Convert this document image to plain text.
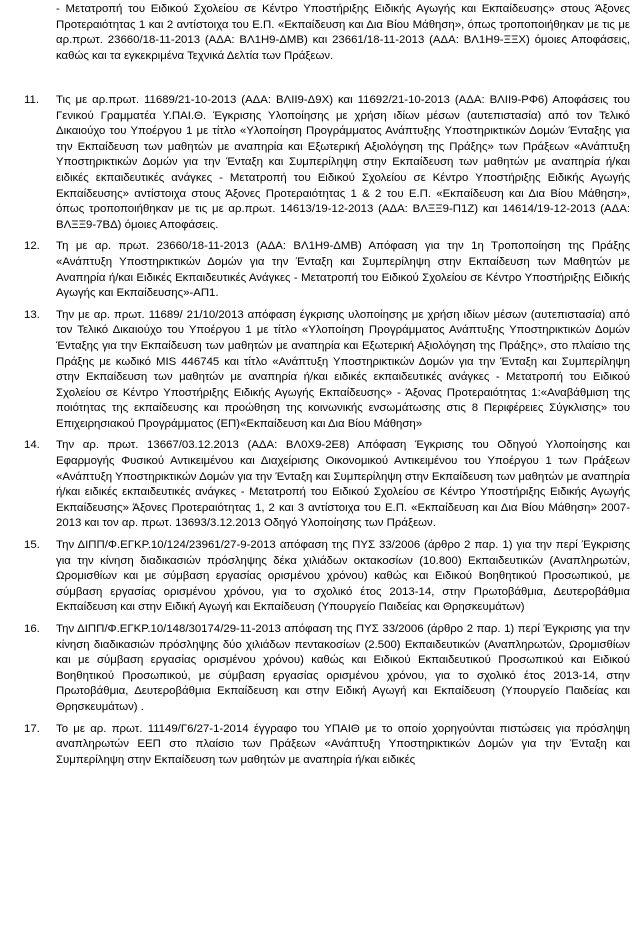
- Μετατροπή του Ειδικού Σχολείου σε Κέντρο Υποστήριξης Ειδικής Αγωγής και Εκπαίδευσης» στους Άξονες Προτεραιότητας 1 και 2 αντίστοιχα του Ε.Π. «Εκπαίδευση και Δια Βίου Μάθηση», όπως τροποποιήθηκαν με τις με αρ.πρωτ. 23660/18-11-2013 (ΑΔΑ: ΒΛ1Η9-ΔΜΒ) και 23661/18-11-2013 (ΑΔΑ: ΒΛ1Η9-ΞΞΧ) όμοιες Αποφάσεις, καθώς και τα εγκεκριμένα Τεχνικά Δελτία των Πράξεων.

11. Τις με αρ.πρωτ. 11689/21-10-2013 (ΑΔΑ: ΒΛΙΙ9-Δ9Χ) και 11692/21-10-2013 (ΑΔΑ: ΒΛΙΙ9-ΡΦ6) Αποφάσεις του Γενικού Γραμματέα Υ.ΠΑΙ.Θ. Έγκρισης Υλοποίησης με χρήση ιδίων μέσων (αυτεπιστασία) από τον Τελικό Δικαιούχο του Υποέργου 1 με τίτλο «Υλοποίηση Προγράμματος Ανάπτυξης Υποστηρικτικών Δομών Ένταξης για την Εκπαίδευση των μαθητών με αναπηρία και Εξωτερική Αξιολόγηση της Πράξης» των Πράξεων «Ανάπτυξη Υποστηρικτικών Δομών για την Ένταξη και Συμπερίληψη στην Εκπαίδευση των μαθητών με αναπηρία ή/και ειδικές εκπαιδευτικές ανάγκες - Μετατροπή του Ειδικού Σχολείου σε Κέντρο Υποστήριξης Ειδικής Αγωγής Εκπαίδευσης» αντίστοιχα στους Άξονες Προτεραιότητας 1 & 2 του Ε.Π. «Εκπαίδευση και Δια Βίου Μάθηση», όπως τροποποιήθηκαν με τις με αρ.πρωτ. 14613/19-12-2013 (ΑΔΑ: ΒΛΞΞ9-Π1Ζ) και 14614/19-12-2013 (ΑΔΑ: ΒΛΞΞ9-7ΒΔ) όμοιες Αποφάσεις.
12. Τη με αρ. πρωτ. 23660/18-11-2013 (ΑΔΑ: ΒΛ1Η9-ΔΜΒ) Απόφαση για την 1η Τροποποίηση της Πράξης «Ανάπτυξη Υποστηρικτικών Δομών για την Ένταξη και Συμπερίληψη στην Εκπαίδευση των Μαθητών με Αναπηρία ή/και Ειδικές Εκπαιδευτικές Ανάγκες - Μετατροπή του Ειδικού Σχολείου σε Κέντρο Υποστήριξης Ειδικής Αγωγής και Εκπαίδευσης»-ΑΠ1.
13. Την με αρ. πρωτ. 11689/ 21/10/2013 απόφαση έγκρισης υλοποίησης με χρήση ιδίων μέσων (αυτεπιστασία) από τον Τελικό Δικαιούχο του Υποέργου 1 με τίτλο «Υλοποίηση Προγράμματος Ανάπτυξης Υποστηρικτικών Δομών Ένταξης για την Εκπαίδευση των μαθητών με αναπηρία και Εξωτερική Αξιολόγηση της Πράξης», στο πλαίσιο της Πράξης με κωδικό MIS 446745 και τίτλο «Ανάπτυξη Υποστηρικτικών Δομών για την Ένταξη και Συμπερίληψη στην Εκπαίδευση των μαθητών με αναπηρία ή/και ειδικές εκπαιδευτικές ανάγκες - Μετατροπή του Ειδικού Σχολείου σε Κέντρο Υποστήριξης Ειδικής Αγωγής Εκπαίδευσης» - Άξονας Προτεραιότητας 1:«Αναβάθμιση της ποιότητας της εκπαίδευσης και προώθηση της κοινωνικής ενσωμάτωσης στις 8 Περιφέρειες Σύγκλισης» του Επιχειρησιακού Προγράμματος (ΕΠ)«Εκπαίδευση και Δια Βίου Μάθηση»
14. Την αρ. πρωτ. 13667/03.12.2013 (ΑΔΑ: ΒΛ0Χ9-2Ε8) Απόφαση Έγκρισης του Οδηγού Υλοποίησης και Εφαρμογής Φυσικού Αντικειμένου και Διαχείρισης Οικονομικού Αντικειμένου του Υποέργου 1 των Πράξεων «Ανάπτυξη Υποστηρικτικών Δομών για την Ένταξη και Συμπερίληψη στην Εκπαίδευση των μαθητών με αναπηρία ή/και ειδικές εκπαιδευτικές ανάγκες - Μετατροπή του Ειδικού Σχολείου σε Κέντρο Υποστήριξης Ειδικής Αγωγής Εκπαίδευσης» Άξονες Προτεραιότητας 1, 2 και 3 αντίστοιχα του Ε.Π. «Εκπαίδευση και Δια Βίου Μάθηση» 2007-2013 και τον αρ. πρωτ. 13693/3.12.2013 Οδηγό Υλοποίησης των Πράξεων.
15. Την ΔΙΠΠ/Φ.ΕΓΚΡ.10/124/23961/27-9-2013 απόφαση της ΠΥΣ 33/2006 (άρθρο 2 παρ. 1) για την περί Έγκρισης για την κίνηση διαδικασιών πρόσληψης δέκα χιλιάδων οκτακοσίων (10.800) Εκπαιδευτικών (Αναπληρωτών, Ωρομισθίων και με σύμβαση εργασίας ορισμένου χρόνου) καθώς και Ειδικού Βοηθητικού Προσωπικού, με σύμβαση εργασίας ορισμένου χρόνου, για το σχολικό έτος 2013-14, στην Πρωτοβάθμια, Δευτεροβάθμια Εκπαίδευση και στην Ειδική Αγωγή και Εκπαίδευση (Υπουργείο Παιδείας και Θρησκευμάτων)
16. Την ΔΙΠΠ/Φ.ΕΓΚΡ.10/148/30174/29-11-2013 απόφαση της ΠΥΣ 33/2006 (άρθρο 2 παρ. 1) περί Έγκρισης για την κίνηση διαδικασιών πρόσληψης δύο χιλιάδων πεντακοσίων (2.500) Εκπαιδευτικών (Αναπληρωτών, Ωρομισθίων και με σύμβαση εργασίας ορισμένου χρόνου) καθώς και Ειδικού Εκπαιδευτικού Προσωπικού και Ειδικού Βοηθητικού Προσωπικού, με σύμβαση εργασίας ορισμένου χρόνου, για το σχολικό έτος 2013-14, στην Πρωτοβάθμια, Δευτεροβάθμια Εκπαίδευση και στην Ειδική Αγωγή και Εκπαίδευση (Υπουργείο Παιδείας και Θρησκευμάτων) .
17. Το με αρ. πρωτ. 11149/Γ6/27-1-2014 έγγραφο του ΥΠΑΙΘ με το οποίο χορηγούνται πιστώσεις για πρόσληψη αναπληρωτών ΕΕΠ στο πλαίσιο των Πράξεων «Ανάπτυξη Υποστηρικτικών Δομών για την Ένταξη και Συμπερίληψη στην Εκπαίδευση των μαθητών με αναπηρία ή/και ειδικές
